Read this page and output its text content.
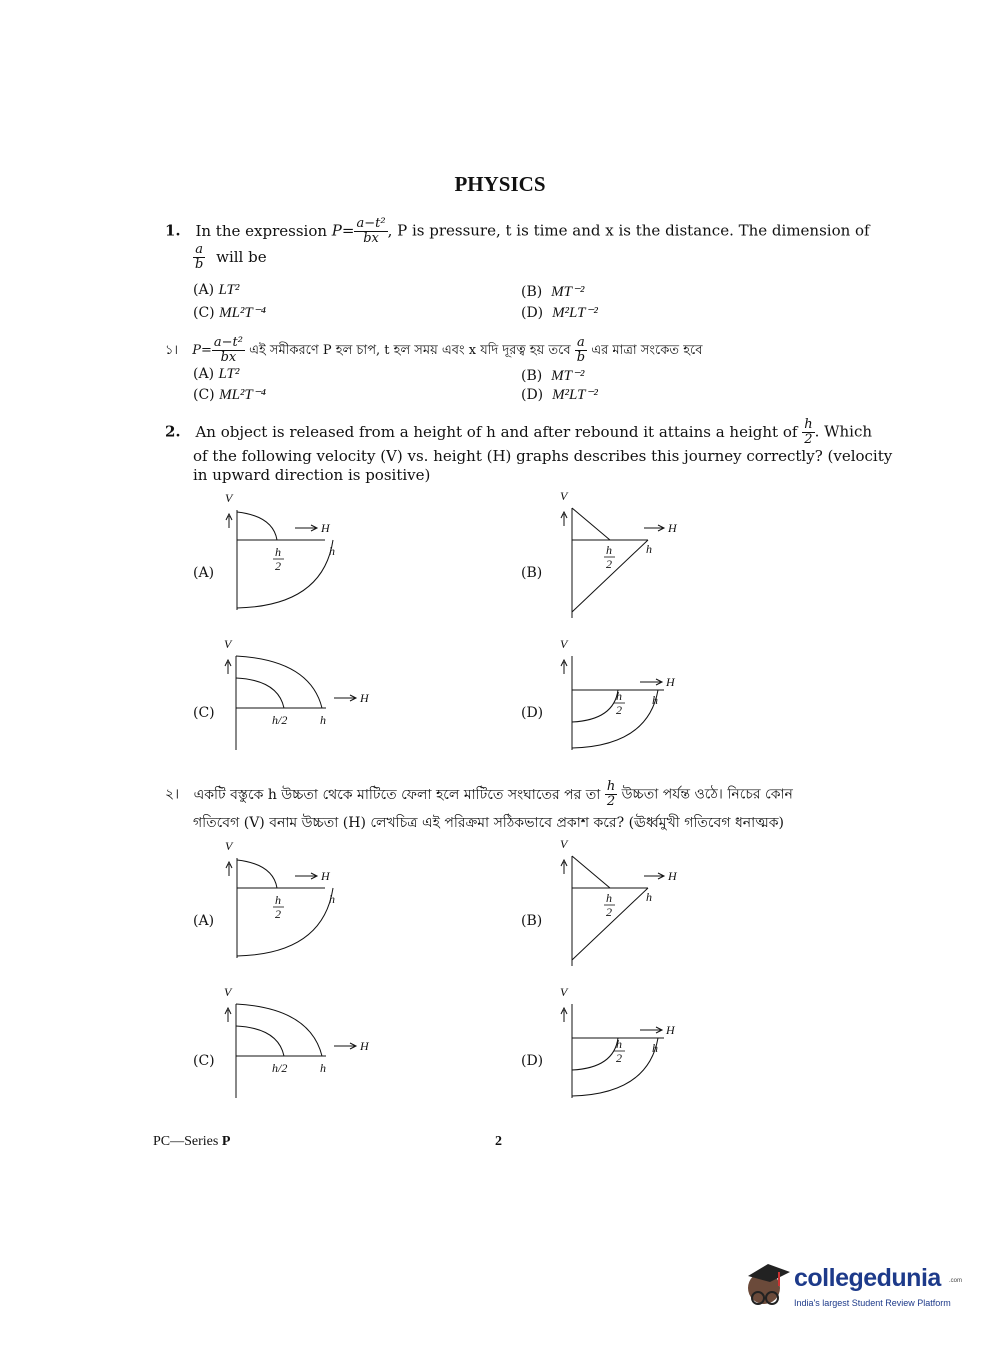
PHYSICS
1. In the expression $P= \frac{\text{a−t²}}{bx}$ , P is pressure, t is time and x is the distance. The dimension of
$\frac{a}{b}$ will be
(A) LT²	(B) MT⁻²
(C) ML²T⁻⁴	(D) M²LT⁻²
১। $P= \frac{\text{a−t²}}{bx}$ এই সমীকরণে P হল চাপ, t হল সময় এবং x যদি দূরত্ব হয় তবে $\frac{a}{b}$ এর মাত্রা সংকেত হবে
(A) LT²	(B) MT⁻²
(C) ML²T⁻⁴	(D) M²LT⁻²
2. An object is released from a height of h and after rebound it attains a height of $\frac{h}{2}$ . Which
of the following velocity (V) vs. height (H) graphs describes this journey correctly? (velocity
in upward direction is positive)
(A)	(B)
(C)	(D)
২। একটি বস্তুকে h উচ্চতা থেকে মাটিতে ফেলা হলে মাটিতে সংঘাতের পর তা $\frac{h}{2}$ উচ্চতা পর্যন্ত ওঠে। নিচের কোন
গতিবেগ (V) বনাম উচ্চতা (H) লেখচিত্র এই পরিক্রমা সঠিকভাবে প্রকাশ করে? (ঊর্ধ্বমুখী গতিবেগ ধনাত্মক)
(A)	(B)
(C)	(D)
V
H
h
2
h
V
H
h
2
h
V
H
h/2	h
V
H
h
2
h
V
H
h
2
h
V
H
h
2
h
V
H
h/2	h
V
H
h
2
h
PC—Series P	2
collegedunia .com
India's largest Student Review Platform
